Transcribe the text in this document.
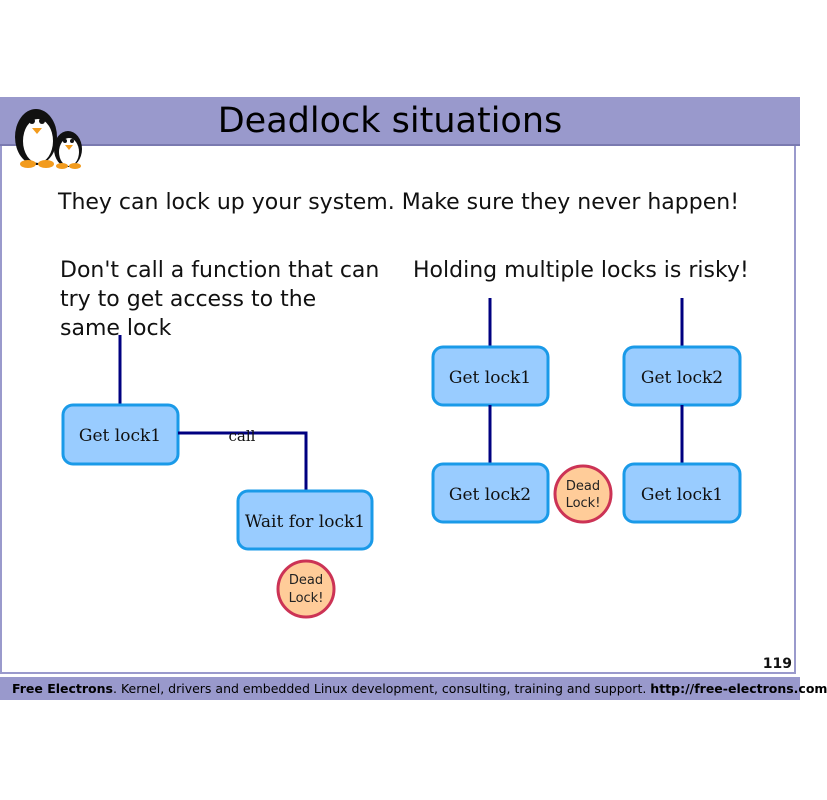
Deadlock situations
They can lock up your system. Make sure they never happen!
Don't call a function that can try to get access to the same lock
Holding multiple locks is risky!
Get lock1	call
Wait for lock1
Dead
Lock!
Get lock1
Get lock2
Get lock2
Get lock1
Dead
Lock!
119
Free Electrons. Kernel, drivers and embedded Linux development, consulting, training and support. http://free-electrons.com
